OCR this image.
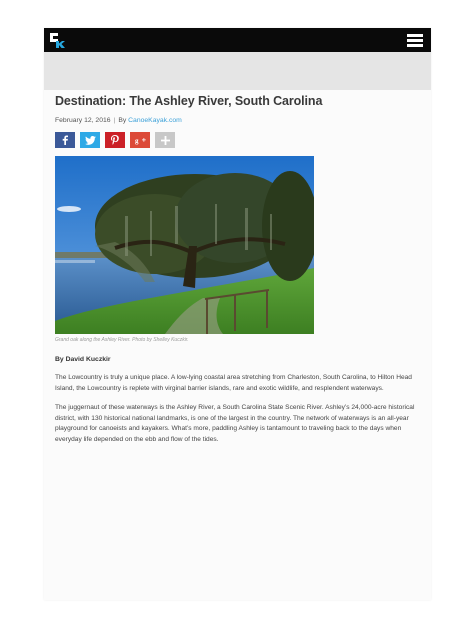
Destination: The Ashley River, South Carolina
February 12, 2016 | By CanoeKayak.com
g
Grand oak along the Ashley River. Photo by Shelley Kuczkir.
By David Kuczkir

The Lowcountry is truly a unique place. A low-lying coastal area stretching from Charleston, South Carolina, to Hilton Head Island, the Lowcountry is replete with virginal barrier islands, rare and exotic wildlife, and resplendent waterways.

The juggernaut of these waterways is the Ashley River, a South Carolina State Scenic River. Ashley’s 24,000-acre historical district, with 130 historical national landmarks, is one of the largest in the country. The network of waterways is an all-year playground for canoeists and kayakers. What’s more, paddling Ashley is tantamount to traveling back to the days when everyday life depended on the ebb and flow of the tides.
